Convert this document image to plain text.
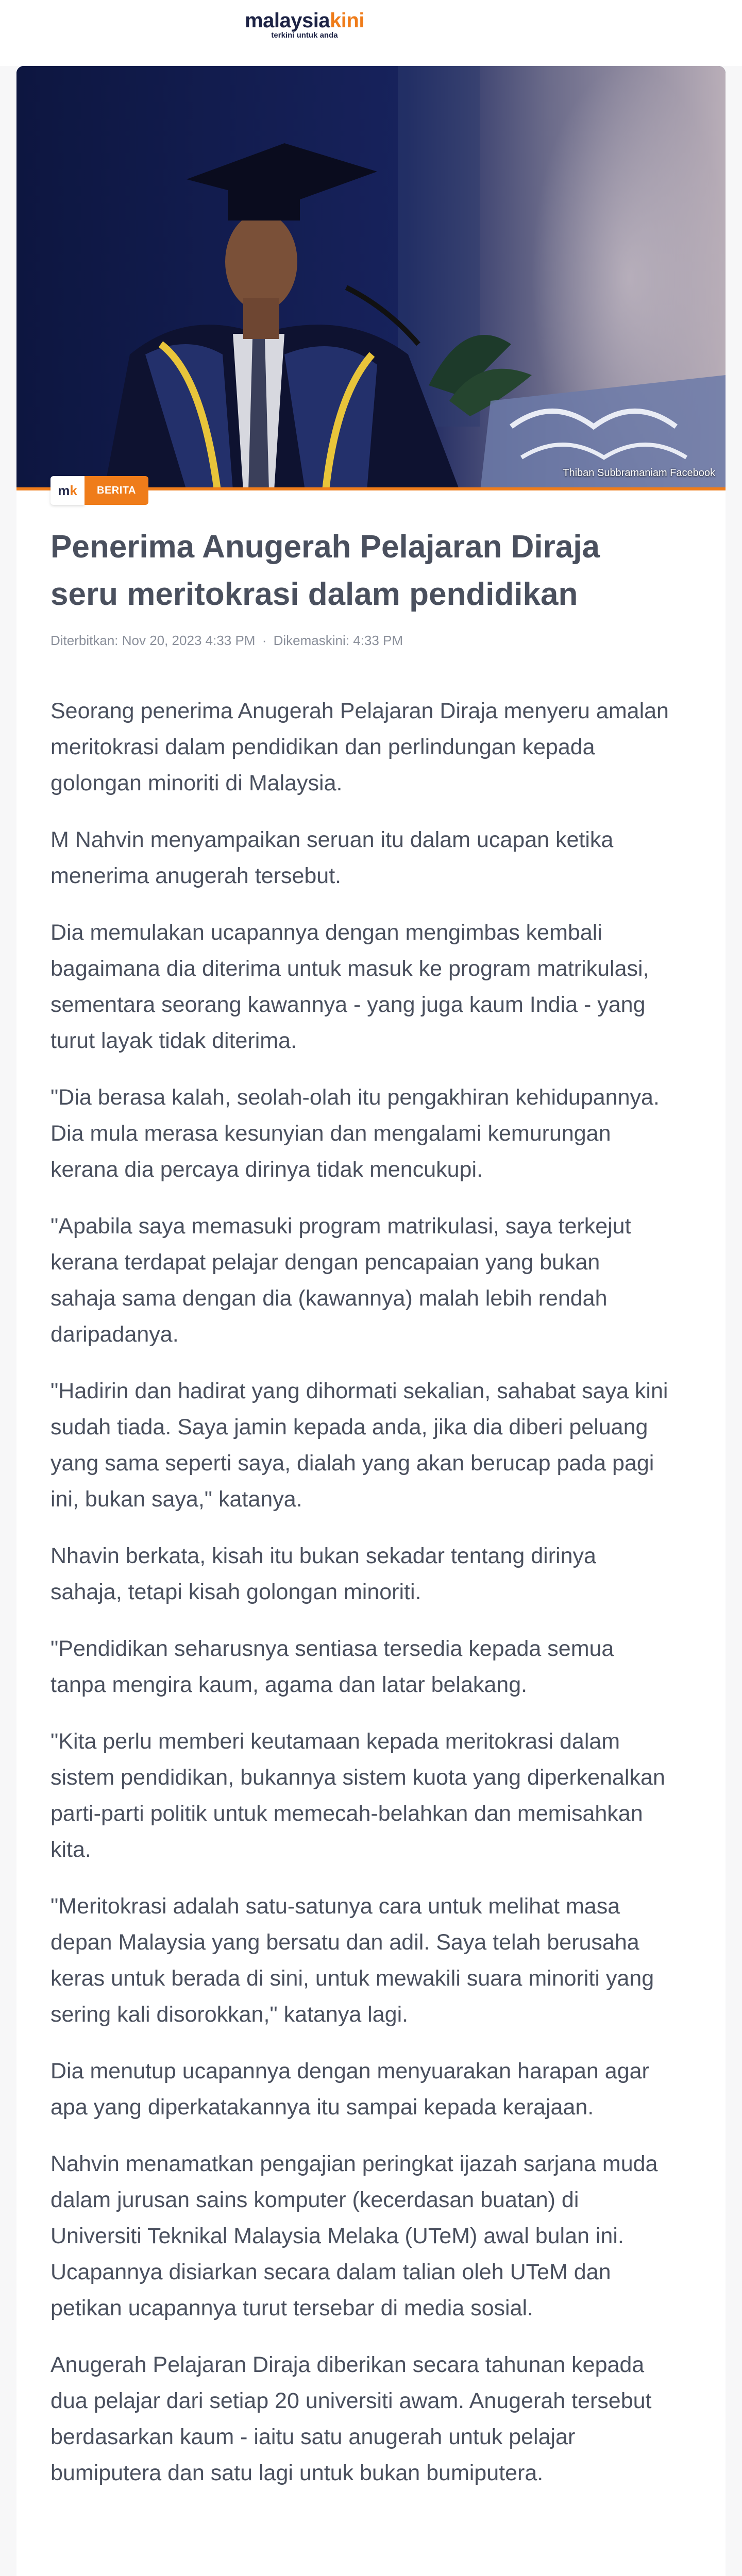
malaysiakini
terkini untuk anda
Thiban Subbramaniam Facebook
m k	BERITA
Penerima Anugerah Pelajaran Diraja seru meritokrasi dalam pendidikan
Diterbitkan: Nov 20, 2023 4:33 PM · Dikemaskini: 4:33 PM

Seorang penerima Anugerah Pelajaran Diraja menyeru amalan meritokrasi dalam pendidikan dan perlindungan kepada golongan minoriti di Malaysia.

M Nahvin menyampaikan seruan itu dalam ucapan ketika menerima anugerah tersebut.

Dia memulakan ucapannya dengan mengimbas kembali bagaimana dia diterima untuk masuk ke program matrikulasi, sementara seorang kawannya - yang juga kaum India - yang turut layak tidak diterima.

"Dia berasa kalah, seolah-olah itu pengakhiran kehidupannya. Dia mula merasa kesunyian dan mengalami kemurungan kerana dia percaya dirinya tidak mencukupi.

"Apabila saya memasuki program matrikulasi, saya terkejut kerana terdapat pelajar dengan pencapaian yang bukan sahaja sama dengan dia (kawannya) malah lebih rendah daripadanya.

"Hadirin dan hadirat yang dihormati sekalian, sahabat saya kini sudah tiada. Saya jamin kepada anda, jika dia diberi peluang yang sama seperti saya, dialah yang akan berucap pada pagi ini, bukan saya," katanya.

Nhavin berkata, kisah itu bukan sekadar tentang dirinya sahaja, tetapi kisah golongan minoriti.

"Pendidikan seharusnya sentiasa tersedia kepada semua tanpa mengira kaum, agama dan latar belakang.

"Kita perlu memberi keutamaan kepada meritokrasi dalam sistem pendidikan, bukannya sistem kuota yang diperkenalkan parti-parti politik untuk memecah-belahkan dan memisahkan kita.

"Meritokrasi adalah satu-satunya cara untuk melihat masa depan Malaysia yang bersatu dan adil. Saya telah berusaha keras untuk berada di sini, untuk mewakili suara minoriti yang sering kali disorokkan," katanya lagi.

Dia menutup ucapannya dengan menyuarakan harapan agar apa yang diperkatakannya itu sampai kepada kerajaan.

Nahvin menamatkan pengajian peringkat ijazah sarjana muda dalam jurusan sains komputer (kecerdasan buatan) di Universiti Teknikal Malaysia Melaka (UTeM) awal bulan ini. Ucapannya disiarkan secara dalam talian oleh UTeM dan petikan ucapannya turut tersebar di media sosial.

Anugerah Pelajaran Diraja diberikan secara tahunan kepada dua pelajar dari setiap 20 universiti awam. Anugerah tersebut berdasarkan kaum - iaitu satu anugerah untuk pelajar bumiputera dan satu lagi untuk bukan bumiputera.
